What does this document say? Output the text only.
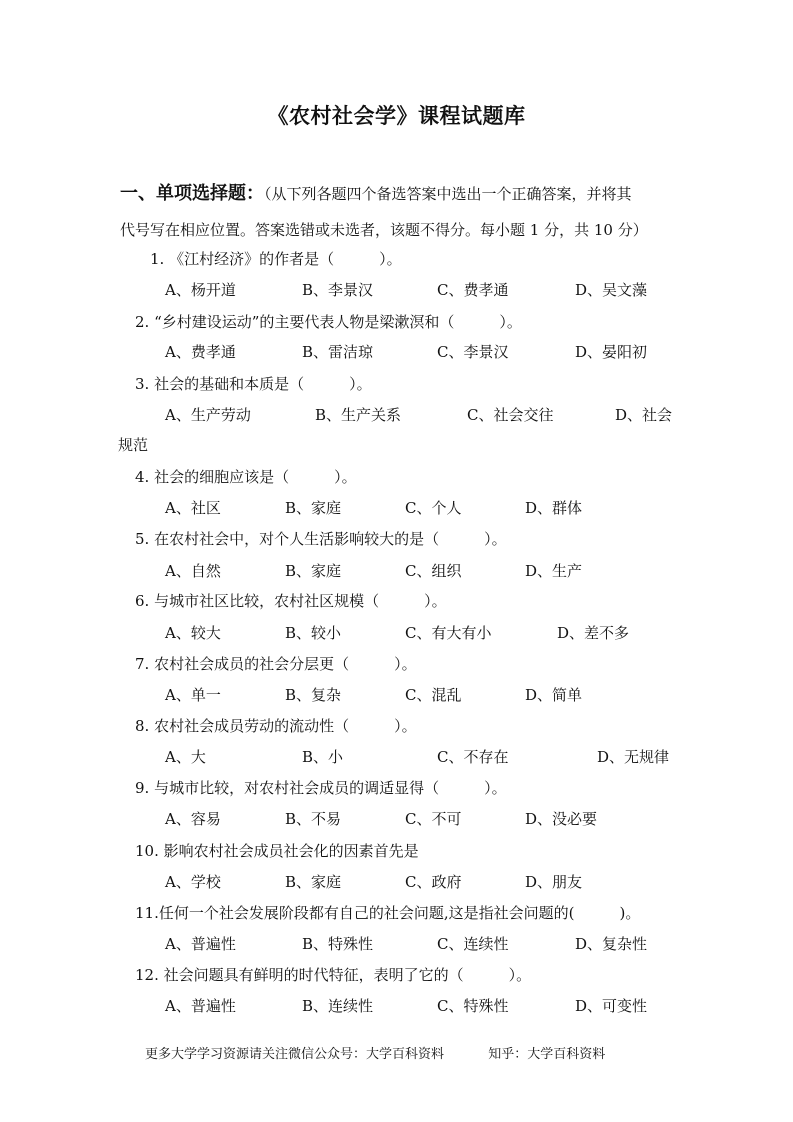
《农村社会学》课程试题库
一、单项选择题：（从下列各题四个备选答案中选出一个正确答案，并将其
代号写在相应位置。答案选错或未选者，该题不得分。每小题 1 分，共 10 分）
1. 《江村经济》的作者是（　　　）。
A、杨开道	B、李景汉	C、费孝通	D、吴文藻
2. “乡村建设运动”的主要代表人物是梁漱溟和（　　　）。
A、费孝通	B、雷洁琼	C、李景汉	D、晏阳初
3. 社会的基础和本质是（　　　）。
A、生产劳动	B、生产关系	C、社会交往	D、社会
规范
4. 社会的细胞应该是（　　　）。
A、社区	B、家庭	C、个人	D、群体
5. 在农村社会中，对个人生活影响较大的是（　　　）。
A、自然	B、家庭	C、组织	D、生产
6. 与城市社区比较，农村社区规模（　　　）。
A、较大	B、较小	C、有大有小	D、差不多
7. 农村社会成员的社会分层更（　　　）。
A、单一	B、复杂	C、混乱	D、简单
8. 农村社会成员劳动的流动性（　　　）。
A、大	B、小	C、不存在	D、无规律
9. 与城市比较，对农村社会成员的调适显得（　　　）。
A、容易	B、不易	C、不可	D、没必要
10. 影响农村社会成员社会化的因素首先是
A、学校	B、家庭	C、政府	D、朋友
11.任何一个社会发展阶段都有自己的社会问题,这是指社会问题的(　　　)。
A、普遍性	B、特殊性	C、连续性	D、复杂性
12. 社会问题具有鲜明的时代特征，表明了它的（　　　）。
A、普遍性	B、连续性	C、特殊性	D、可变性
更多大学学习资源请关注微信公众号：大学百科资料	知乎：大学百科资料
